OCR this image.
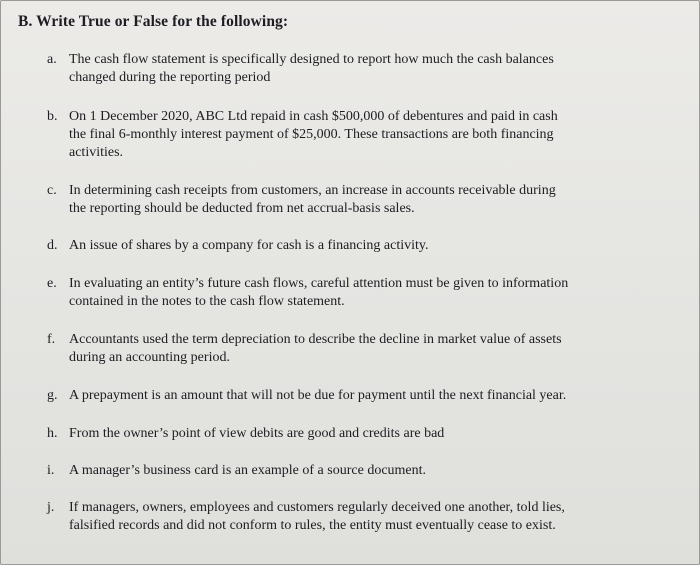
B. Write True or False for the following:
a. The cash flow statement is specifically designed to report how much the cash balances
changed during the reporting period
b. On 1 December 2020, ABC Ltd repaid in cash $500,000 of debentures and paid in cash
the final 6-monthly interest payment of $25,000. These transactions are both financing
activities.
c. In determining cash receipts from customers, an increase in accounts receivable during
the reporting should be deducted from net accrual-basis sales.
d. An issue of shares by a company for cash is a financing activity.
e. In evaluating an entity’s future cash flows, careful attention must be given to information
contained in the notes to the cash flow statement.
f. Accountants used the term depreciation to describe the decline in market value of assets
during an accounting period.
g. A prepayment is an amount that will not be due for payment until the next financial year.
h. From the owner’s point of view debits are good and credits are bad
i.	A manager’s business card is an example of a source document.
j.	If managers, owners, employees and customers regularly deceived one another, told lies,
falsified records and did not conform to rules, the entity must eventually cease to exist.
